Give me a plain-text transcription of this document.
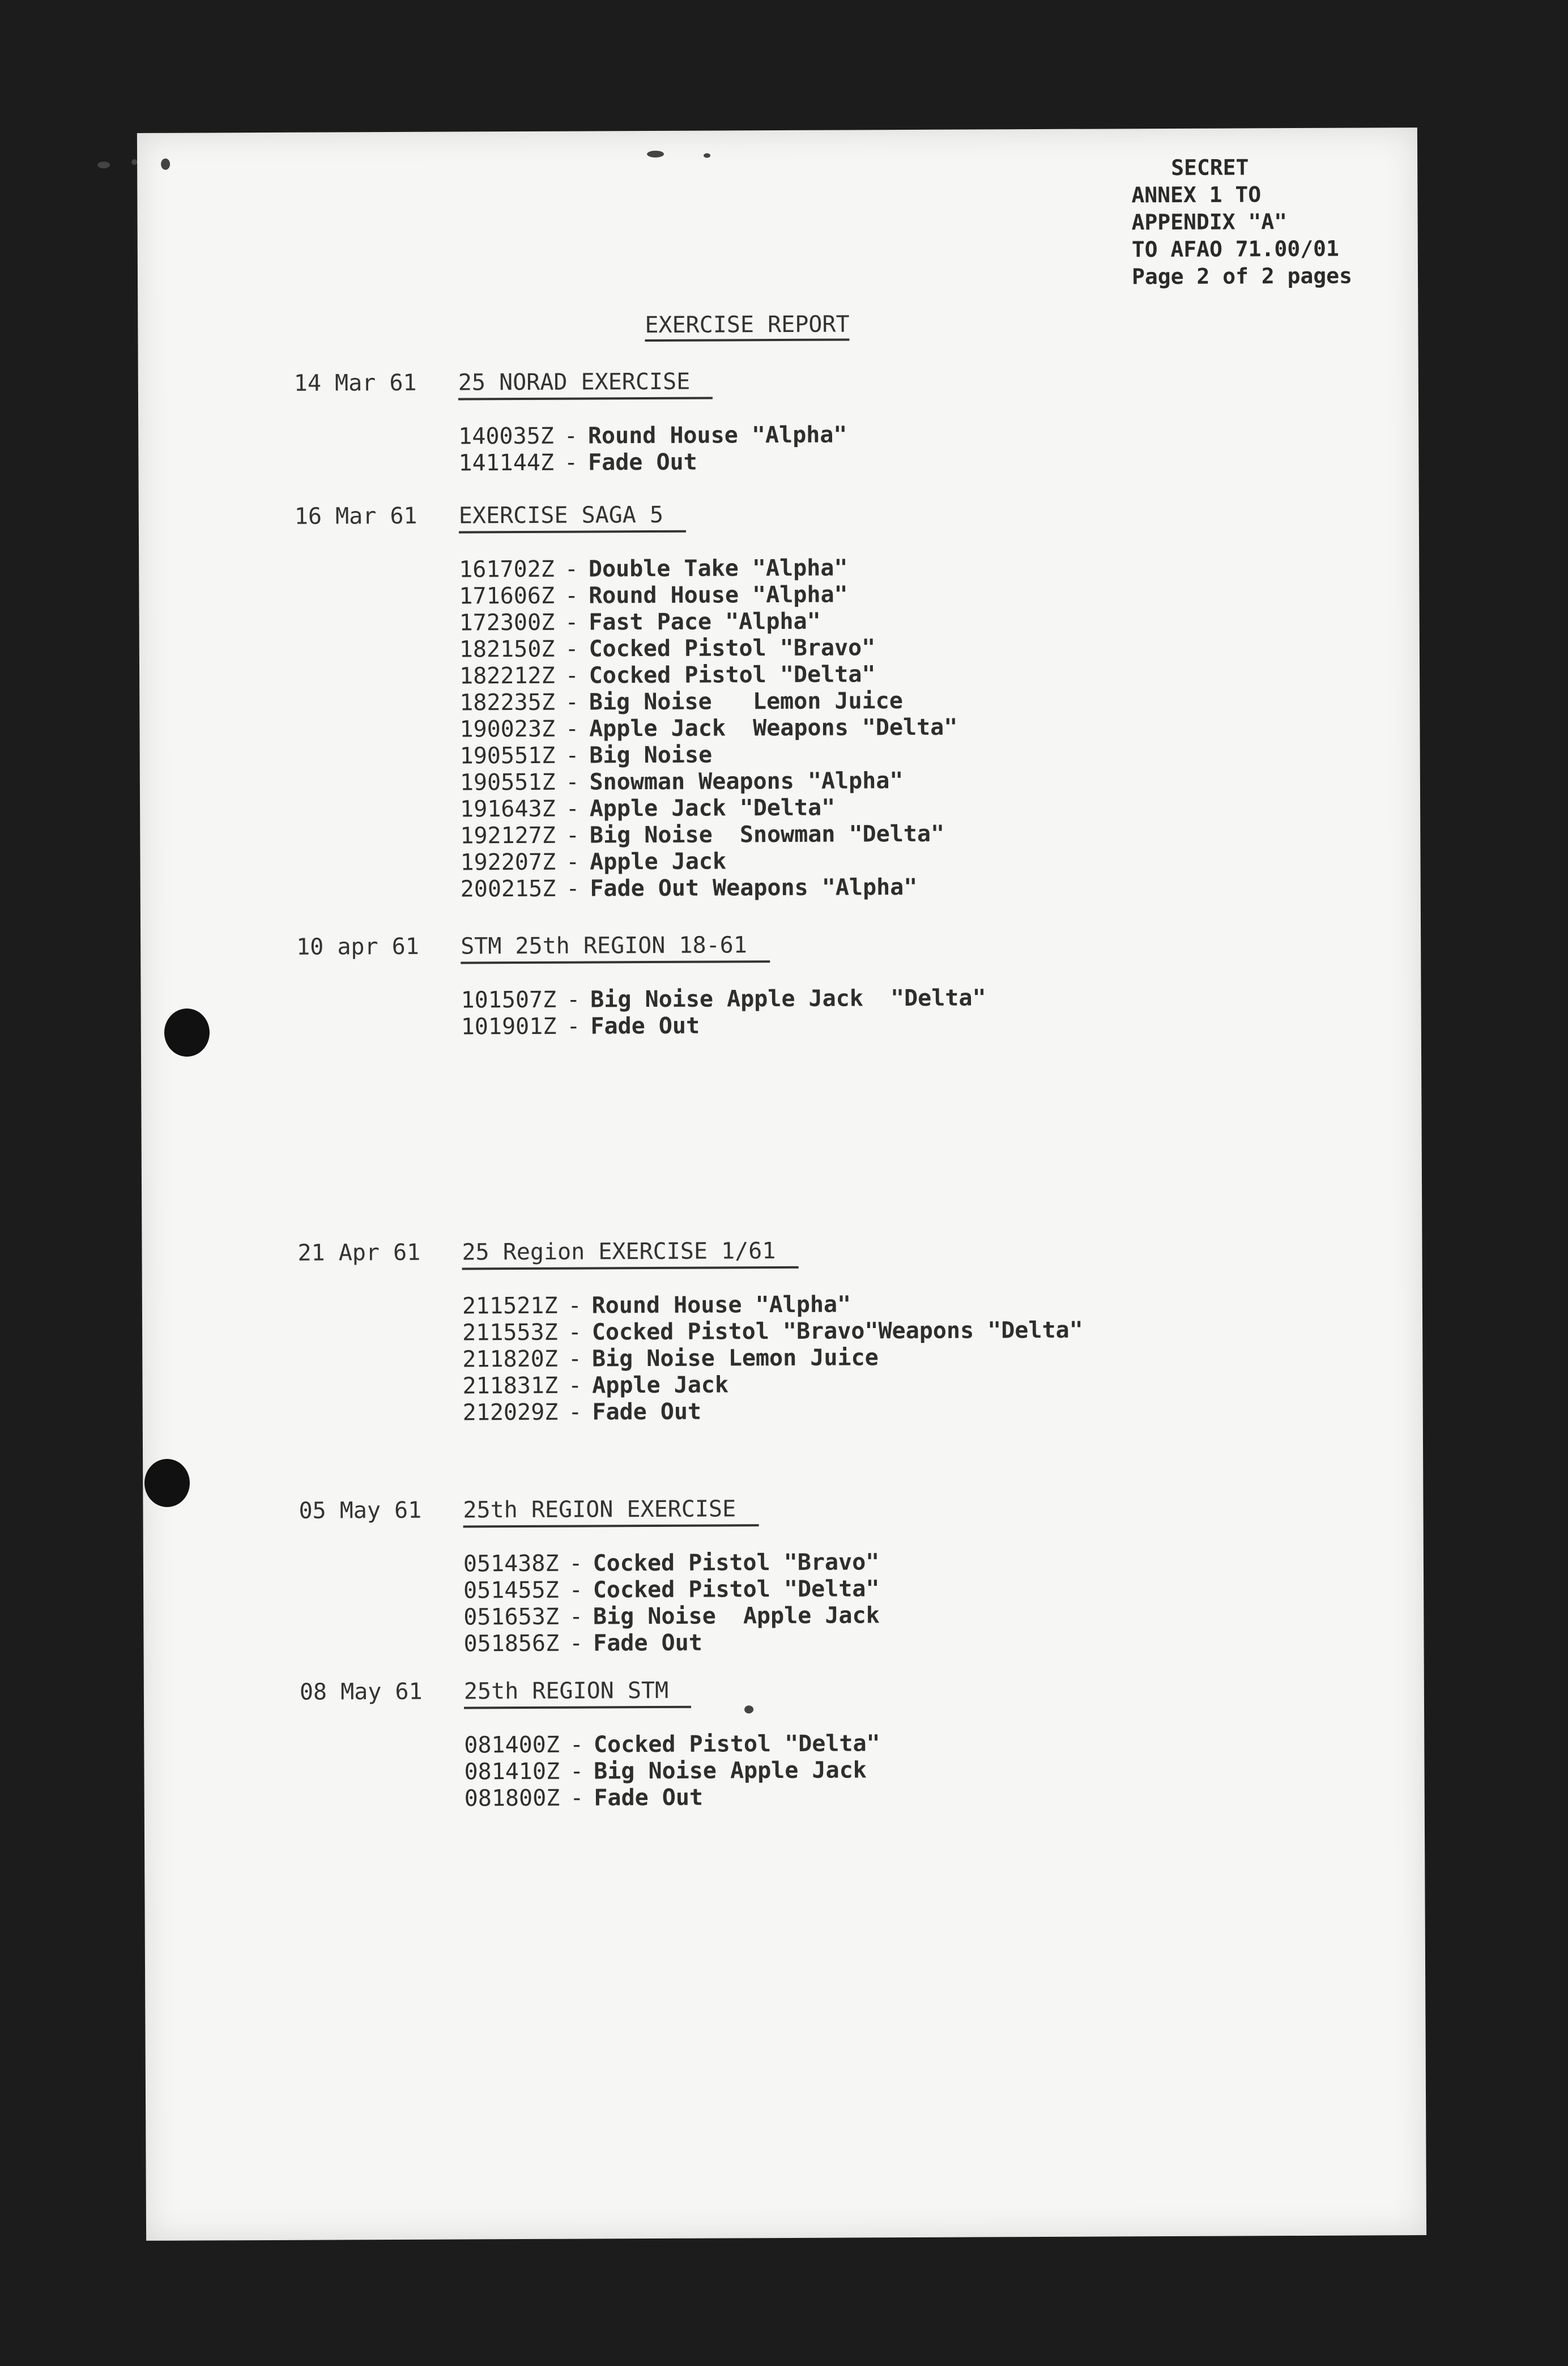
SECRET
ANNEX 1 TO
APPENDIX "A"
TO AFAO 71.00/01
Page 2 of 2 pages
EXERCISE REPORT
14 Mar 61 25 NORAD EXERCISE
140035Z - Round House "Alpha"
141144Z - Fade Out
16 Mar 61 EXERCISE SAGA 5
161702Z - Double Take "Alpha"
171606Z - Round House "Alpha"
172300Z - Fast Pace "Alpha"
182150Z - Cocked Pistol "Bravo"
182212Z - Cocked Pistol "Delta"
182235Z - Big Noise   Lemon Juice
190023Z - Apple Jack  Weapons "Delta"
190551Z - Big Noise
190551Z - Snowman Weapons "Alpha"
191643Z - Apple Jack "Delta"
192127Z - Big Noise  Snowman "Delta"
192207Z - Apple Jack
200215Z - Fade Out Weapons "Alpha"
10 apr 61 STM 25th REGION 18-61
101507Z - Big Noise Apple Jack  "Delta"
101901Z - Fade Out
21 Apr 61 25 Region EXERCISE 1/61
211521Z - Round House "Alpha"
211553Z - Cocked Pistol "Bravo"Weapons "Delta"
211820Z - Big Noise Lemon Juice
211831Z - Apple Jack
212029Z - Fade Out
05 May 61 25th REGION EXERCISE
051438Z - Cocked Pistol "Bravo"
051455Z - Cocked Pistol "Delta"
051653Z - Big Noise  Apple Jack
051856Z - Fade Out
08 May 61 25th REGION STM
081400Z - Cocked Pistol "Delta"
081410Z - Big Noise Apple Jack
081800Z - Fade Out
